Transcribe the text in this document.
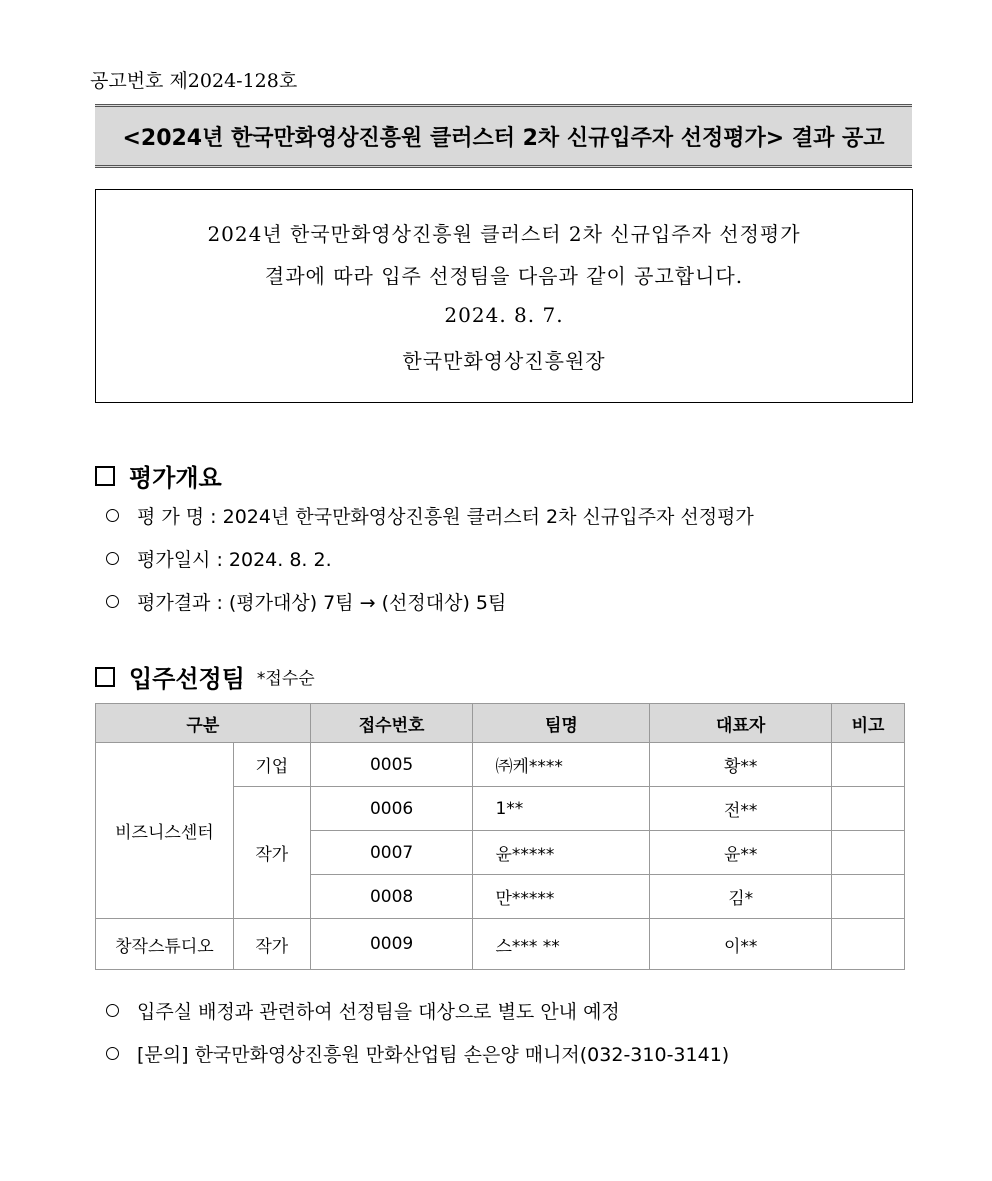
공고번호 제2024-128호
<2024년 한국만화영상진흥원 클러스터 2차 신규입주자 선정평가> 결과 공고
2024년 한국만화영상진흥원 클러스터 2차 신규입주자 선정평가
결과에 따라 입주 선정팀을 다음과 같이 공고합니다.
2024. 8. 7.
한국만화영상진흥원장
평가개요
평 가 명 : 2024년 한국만화영상진흥원 클러스터 2차 신규입주자 선정평가
평가일시 : 2024. 8. 2.
평가결과 : (평가대상) 7팀 → (선정대상) 5팀
입주선정팀 *접수순
구분		접수번호	팀명	대표자	비고
비즈니스센터	기업	0005	㈜케****	황**	
	작가	0006	1**	전**	
		0007	윤*****	윤**	
		0008	만*****	김*	
창작스튜디오	작가	0009	스*** **	이**	
입주실 배정과 관련하여 선정팀을 대상으로 별도 안내 예정
[문의] 한국만화영상진흥원 만화산업팀 손은양 매니저(032-310-3141)
